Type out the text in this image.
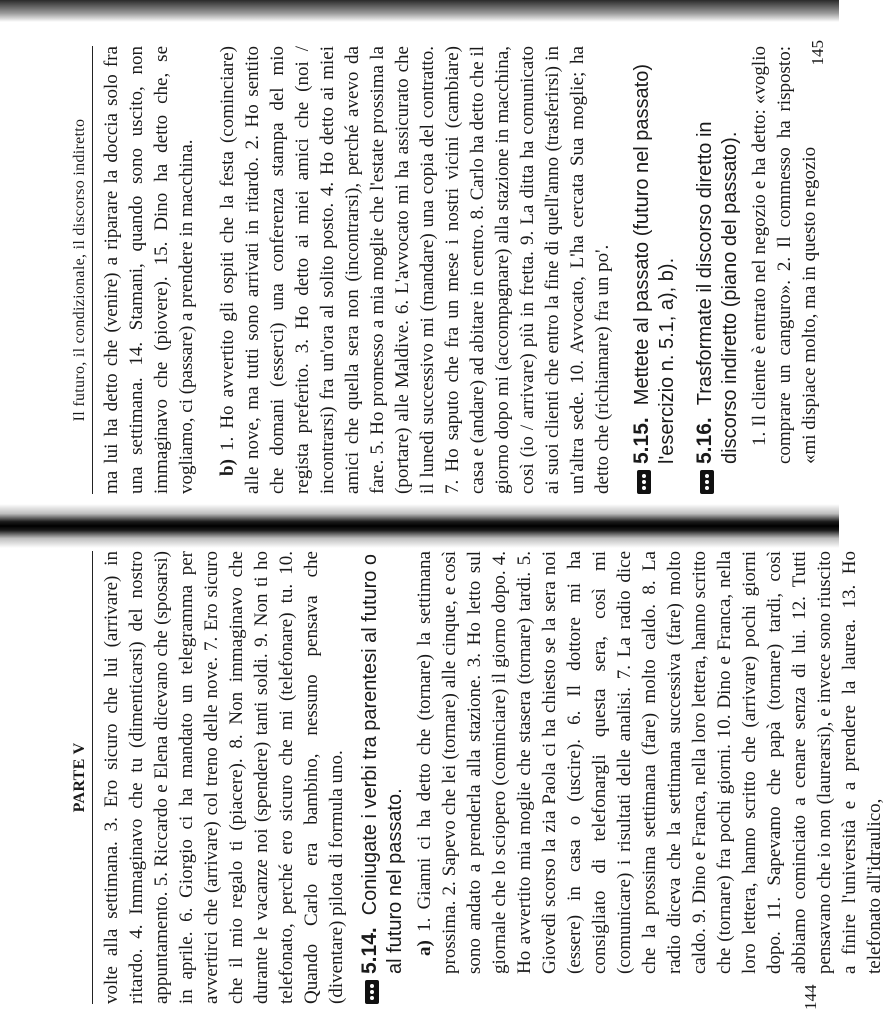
PARTE V volte alla settimana. 3. Ero sicuro che lui (arrivare) in ritardo. 4. Immaginavo che tu (dimenticarsi) del nostro appuntamento. 5. Riccardo e Elena dicevano che (sposarsi) in aprile. 6. Giorgio ci ha mandato un telegramma per avvertirci che (arrivare) col treno delle nove. 7. Ero sicuro che il mio regalo ti (piacere). 8. Non immaginavo che durante le vacanze noi (spendere) tanti soldi. 9. Non ti ho telefonato, perché ero sicuro che mi (telefonare) tu. 10. Quando Carlo era bambino, nessuno pensava che (diventare) pilota di formula uno. 5.14. Coniugate i verbi tra parentesi al futuro o al futuro nel passato. a) 1. Gianni ci ha detto che (tornare) la settimana prossima. 2. Sapevo che lei (tornare) alle cinque, e così sono andato a prenderla alla stazione. 3. Ho letto sul giornale che lo sciopero (cominciare) il giorno dopo. 4. Ho avvertito mia moglie che stasera (tornare) tardi. 5. Giovedì scorso la zia Paola ci ha chiesto se la sera noi (essere) in casa o (uscire). 6. Il dottore mi ha consigliato di telefonargli questa sera, così mi (comunicare) i risultati delle analisi. 7. La radio dice che la prossima settimana (fare) molto caldo. 8. La radio diceva che la settimana successiva (fare) molto caldo. 9. Dino e Franca, nella loro lettera, hanno scritto che (tornare) fra pochi giorni. 10. Dino e Franca, nella loro lettera, hanno scritto che (arrivare) pochi giorni dopo. 11. Sapevamo che papà (tornare) tardi, così abbiamo cominciato a cenare senza di lui. 12. Tutti pensavano che io non (laurearsi), e invece sono riuscito a finire l'università e a prendere la laurea. 13. Ho telefonato all'idraulico,

144
Il futuro, il condizionale, il discorso indiretto ma lui ha detto che (venire) a riparare la doccia solo fra una settimana. 14. Stamani, quando sono uscito, non immaginavo che (piovere). 15. Dino ha detto che, se vogliamo, ci (passare) a prendere in macchina. b) 1. Ho avvertito gli ospiti che la festa (cominciare) alle nove, ma tutti sono arrivati in ritardo. 2. Ho sentito che domani (esserci) una conferenza stampa del mio regista preferito. 3. Ho detto ai miei amici che (noi / incontrarsi) fra un'ora al solito posto. 4. Ho detto ai miei amici che quella sera non (incontrarsi), perché avevo da fare. 5. Ho promesso a mia moglie che l'estate prossima la (portare) alle Maldive. 6. L'avvocato mi ha assicurato che il lunedì successivo mi (mandare) una copia del contratto. 7. Ho saputo che fra un mese i nostri vicini (cambiare) casa e (andare) ad abitare in centro. 8. Carlo ha detto che il giorno dopo mi (accompagnare) alla stazione in macchina, così (io / arrivare) più in fretta. 9. La ditta ha comunicato ai suoi clienti che entro la fine di quell'anno (trasferirsi) in un'altra sede. 10. Avvocato, L'ha cercata Sua moglie; ha detto che (richiamare) fra un po'. 5.15. Mettete al passato (futuro nel passato) l'esercizio n. 5.1, a), b). 5.16. Trasformate il discorso diretto in discorso indiretto (piano del passato). 1. Il cliente è entrato nel negozio e ha detto: «voglio comprare un canguro». 2. Il commesso ha risposto: «mi dispiace molto, ma in questo negozio

145
